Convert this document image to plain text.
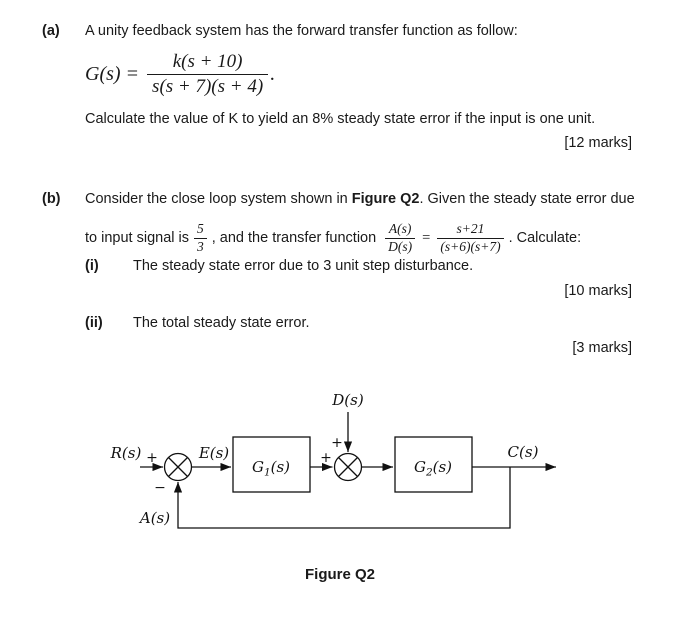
(a) A unity feedback system has the forward transfer function as follow:
$G(s) = \frac{k(s + 10)}{s(s + 7)(s + 4)}$ .
Calculate the value of K to yield an 8% steady state error if the input is one unit.
[12 marks]
(b) Consider the close loop system shown in Figure Q2. Given the steady state error due
to input signal is $\frac{5}{3}$ , and the transfer function $\frac{A(s)}{D(s)} = \frac{s+21}{(s+6)(s+7)}$ . Calculate:
(i) The steady state error due to 3 unit step disturbance.
[10 marks]
(ii) The total steady state error.
[3 marks]
D(s)
R(s)	E(s)	C(s)
A(s)
$G_1(s)$	$G_2(s)$
+
−
+
+
Figure Q2
